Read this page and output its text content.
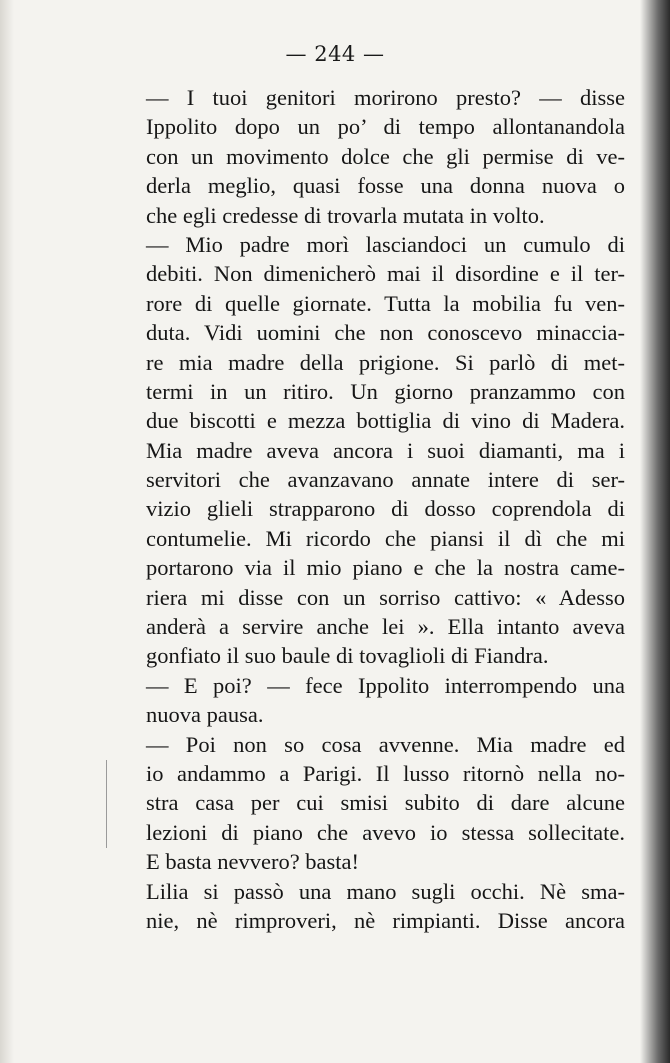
— 244 —
— I tuoi genitori morirono presto? — disse
Ippolito dopo un po’ di tempo allontanandola
con un movimento dolce che gli permise di ve-
derla meglio, quasi fosse una donna nuova o
che egli credesse di trovarla mutata in volto.
— Mio padre morì lasciandoci un cumulo di
debiti. Non dimenicherò mai il disordine e il ter-
rore di quelle giornate. Tutta la mobilia fu ven-
duta. Vidi uomini che non conoscevo minaccia-
re mia madre della prigione. Si parlò di met-
termi in un ritiro. Un giorno pranzammo con
due biscotti e mezza bottiglia di vino di Madera.
Mia madre aveva ancora i suoi diamanti, ma i
servitori che avanzavano annate intere di ser-
vizio glieli strapparono di dosso coprendola di
contumelie. Mi ricordo che piansi il dì che mi
portarono via il mio piano e che la nostra came-
riera mi disse con un sorriso cattivo: « Adesso
anderà a servire anche lei ». Ella intanto aveva
gonfiato il suo baule di tovaglioli di Fiandra.
— E poi? — fece Ippolito interrompendo una
nuova pausa.
— Poi non so cosa avvenne. Mia madre ed
io andammo a Parigi. Il lusso ritornò nella no-
stra casa per cui smisi subito di dare alcune
lezioni di piano che avevo io stessa sollecitate.
E basta nevvero? basta!
Lilia si passò una mano sugli occhi. Nè sma-
nie, nè rimproveri, nè rimpianti. Disse ancora
